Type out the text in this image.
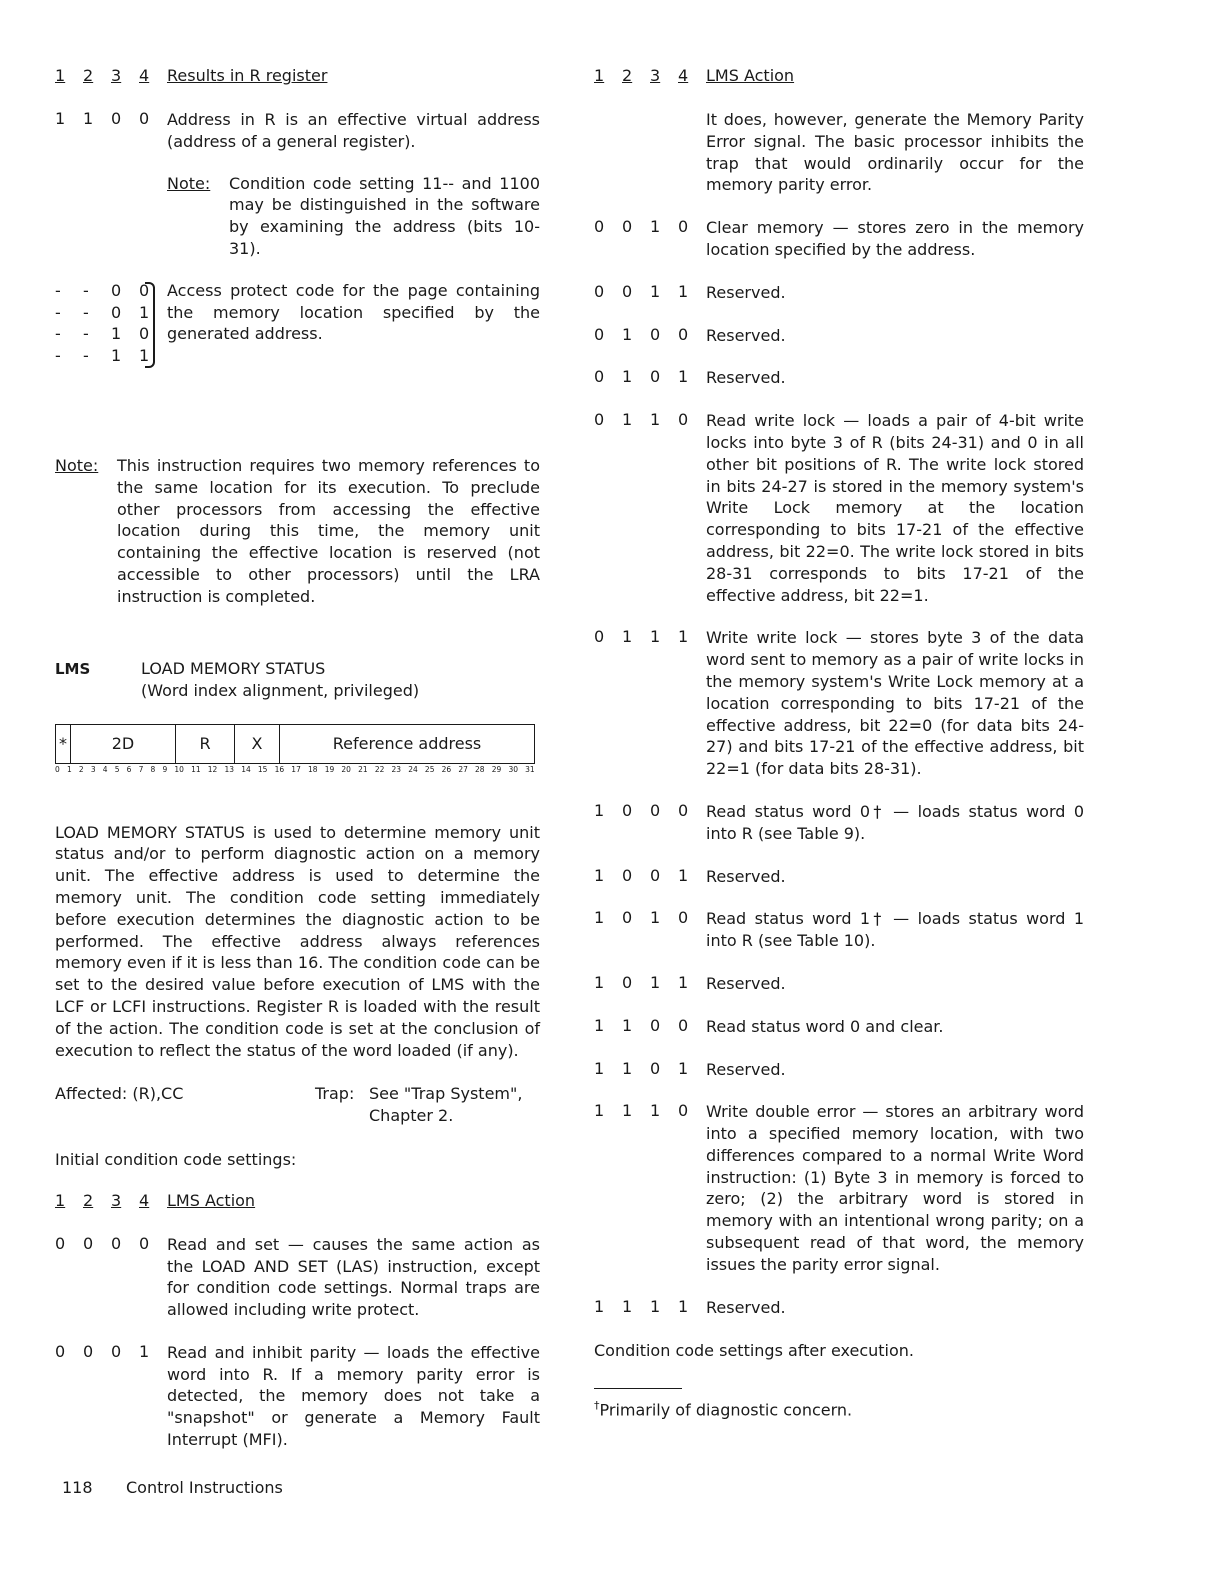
1	2	3	4	Results in R register
1	1	0	0	Address in R is an effective virtual address (address of a general register).
Note:	Condition code setting 11-- and 1100 may be distinguished in the software by examining the address (bits 10-31).
-	-	0	0
-	-	0	1
-	-	1	0
-	-	1	1
Access protect code for the page containing the memory location specified by the generated address.
Note:	This instruction requires two memory references to the same location for its execution. To preclude other processors from accessing the effective location during this time, the memory unit containing the effective location is reserved (not accessible to other processors) until the LRA instruction is completed.
LMS	LOAD MEMORY STATUS
(Word index alignment, privileged)
*	2D	R	X	Reference address
0 1 2 3 4 5 6 7 8 9 10 11 12 13 14 15 16 17 18 19 20 21 22 23 24 25 26 27 28 29 30 31
LOAD MEMORY STATUS is used to determine memory unit status and/or to perform diagnostic action on a memory unit. The effective address is used to determine the memory unit. The condition code setting immediately before execution determines the diagnostic action to be performed. The effective address always references memory even if it is less than 16. The condition code can be set to the desired value before execution of LMS with the LCF or LCFI instructions. Register R is loaded with the result of the action. The condition code is set at the conclusion of execution to reflect the status of the word loaded (if any).
Affected: (R),CC	Trap: See "Trap System", Chapter 2.
Initial condition code settings:
1	2	3	4	LMS Action
0	0	0	0	Read and set — causes the same action as the LOAD AND SET (LAS) instruction, except for condition code settings. Normal traps are allowed including write protect.
0	0	0	1	Read and inhibit parity — loads the effective word into R. If a memory parity error is detected, the memory does not take a "snapshot" or generate a Memory Fault Interrupt (MFI).
1	2	3	4	LMS Action
It does, however, generate the Memory Parity Error signal. The basic processor inhibits the trap that would ordinarily occur for the memory parity error.
0	0	1	0	Clear memory — stores zero in the memory location specified by the address.
0	0	1	1	Reserved.
0	1	0	0	Reserved.
0	1	0	1	Reserved.
0	1	1	0	Read write lock — loads a pair of 4-bit write locks into byte 3 of R (bits 24-31) and 0 in all other bit positions of R. The write lock stored in bits 24-27 is stored in the memory system's Write Lock memory at the location corresponding to bits 17-21 of the effective address, bit 22=0. The write lock stored in bits 28-31 corresponds to bits 17-21 of the effective address, bit 22=1.
0	1	1	1	Write write lock — stores byte 3 of the data word sent to memory as a pair of write locks in the memory system's Write Lock memory at a location corresponding to bits 17-21 of the effective address, bit 22=0 (for data bits 24-27) and bits 17-21 of the effective address, bit 22=1 (for data bits 28-31).
1	0	0	0	Read status word 0† — loads status word 0 into R (see Table 9).
1	0	0	1	Reserved.
1	0	1	0	Read status word 1† — loads status word 1 into R (see Table 10).
1	0	1	1	Reserved.
1	1	0	0	Read status word 0 and clear.
1	1	0	1	Reserved.
1	1	1	0	Write double error — stores an arbitrary word into a specified memory location, with two differences compared to a normal Write Word instruction: (1) Byte 3 in memory is forced to zero; (2) the arbitrary word is stored in memory with an intentional wrong parity; on a subsequent read of that word, the memory issues the parity error signal.
1	1	1	1	Reserved.
Condition code settings after execution.
†Primarily of diagnostic concern.
118	Control Instructions
